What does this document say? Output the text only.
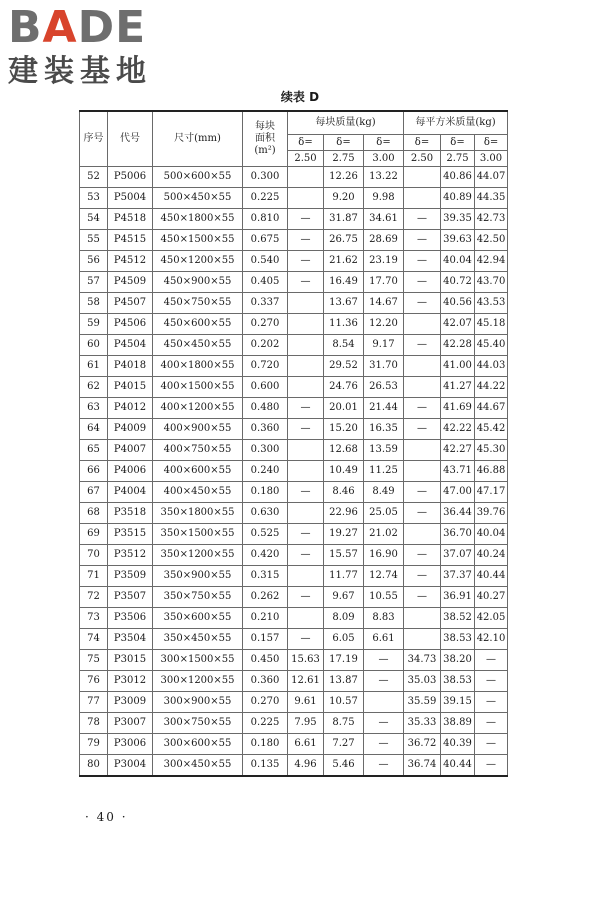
BADE
建装基地
续表 D
序号	代号	尺寸(mm)	每块
面积
(m²)	每块质量(kg)			每平方米质量(kg)		
				δ=	δ=	δ=	δ=	δ=	δ=
				2.50	2.75	3.00	2.50	2.75	3.00
52	P5006	500×600×55	0.300		12.26	13.22		40.86	44.07
53	P5004	500×450×55	0.225		9.20	9.98		40.89	44.35
54	P4518	450×1800×55	0.810	—	31.87	34.61	—	39.35	42.73
55	P4515	450×1500×55	0.675	—	26.75	28.69	—	39.63	42.50
56	P4512	450×1200×55	0.540	—	21.62	23.19	—	40.04	42.94
57	P4509	450×900×55	0.405	—	16.49	17.70	—	40.72	43.70
58	P4507	450×750×55	0.337		13.67	14.67	—	40.56	43.53
59	P4506	450×600×55	0.270		11.36	12.20		42.07	45.18
60	P4504	450×450×55	0.202		8.54	9.17	—	42.28	45.40
61	P4018	400×1800×55	0.720		29.52	31.70		41.00	44.03
62	P4015	400×1500×55	0.600		24.76	26.53		41.27	44.22
63	P4012	400×1200×55	0.480	—	20.01	21.44	—	41.69	44.67
64	P4009	400×900×55	0.360	—	15.20	16.35	—	42.22	45.42
65	P4007	400×750×55	0.300		12.68	13.59		42.27	45.30
66	P4006	400×600×55	0.240		10.49	11.25		43.71	46.88
67	P4004	400×450×55	0.180	—	8.46	8.49	—	47.00	47.17
68	P3518	350×1800×55	0.630		22.96	25.05	—	36.44	39.76
69	P3515	350×1500×55	0.525	—	19.27	21.02		36.70	40.04
70	P3512	350×1200×55	0.420	—	15.57	16.90	—	37.07	40.24
71	P3509	350×900×55	0.315		11.77	12.74	—	37.37	40.44
72	P3507	350×750×55	0.262	—	9.67	10.55	—	36.91	40.27
73	P3506	350×600×55	0.210		8.09	8.83		38.52	42.05
74	P3504	350×450×55	0.157	—	6.05	6.61		38.53	42.10
75	P3015	300×1500×55	0.450	15.63	17.19	—	34.73	38.20	—
76	P3012	300×1200×55	0.360	12.61	13.87	—	35.03	38.53	—
77	P3009	300×900×55	0.270	9.61	10.57		35.59	39.15	—
78	P3007	300×750×55	0.225	7.95	8.75	—	35.33	38.89	—
79	P3006	300×600×55	0.180	6.61	7.27	—	36.72	40.39	—
80	P3004	300×450×55	0.135	4.96	5.46	—	36.74	40.44	—
· 40 ·
